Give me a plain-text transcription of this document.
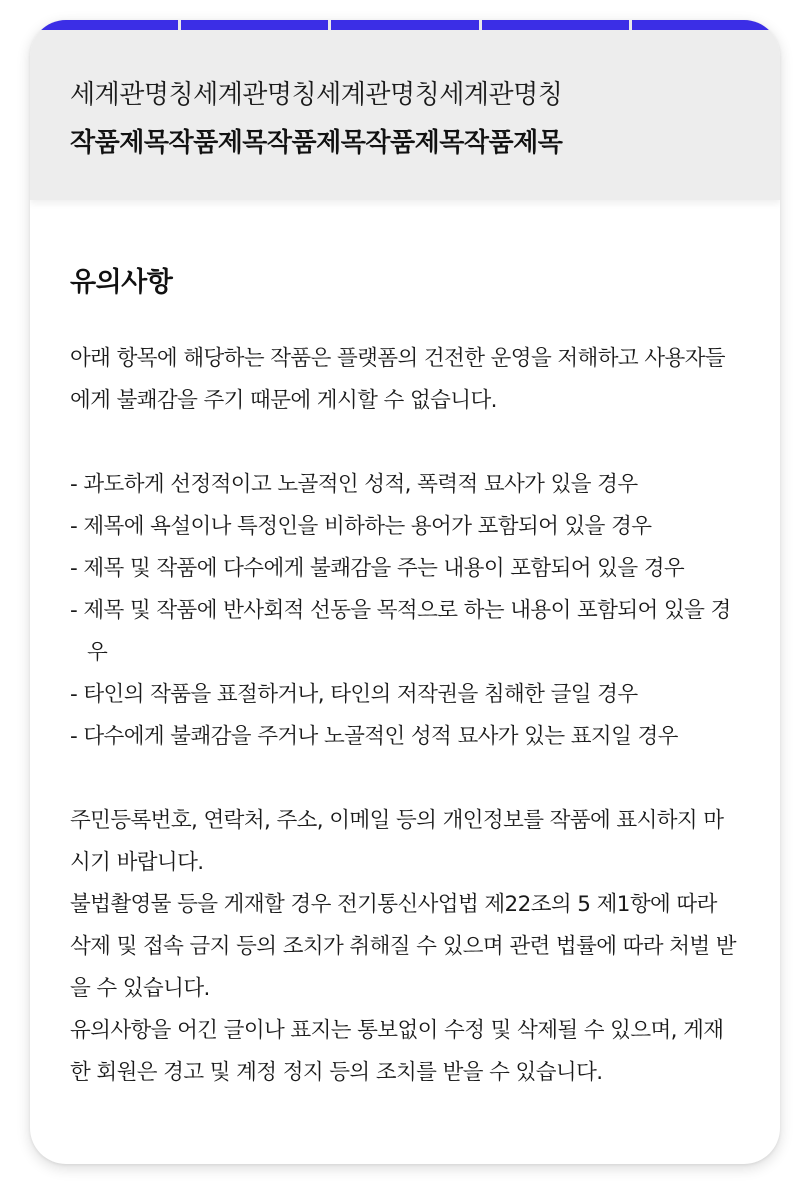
세계관명칭세계관명칭세계관명칭세계관명칭
작품제목작품제목작품제목작품제목작품제목
유의사항

아래 항목에 해당하는 작품은 플랫폼의 건전한 운영을 저해하고 사용자들에게 불쾌감을 주기 때문에 게시할 수 없습니다.

- 과도하게 선정적이고 노골적인 성적, 폭력적 묘사가 있을 경우

- 제목에 욕설이나 특정인을 비하하는 용어가 포함되어 있을 경우

- 제목 및 작품에 다수에게 불쾌감을 주는 내용이 포함되어 있을 경우

- 제목 및 작품에 반사회적 선동을 목적으로 하는 내용이 포함되어 있을 경우

- 타인의 작품을 표절하거나, 타인의 저작권을 침해한 글일 경우

- 다수에게 불쾌감을 주거나 노골적인 성적 묘사가 있는 표지일 경우

주민등록번호, 연락처, 주소, 이메일 등의 개인정보를 작품에 표시하지 마시기 바랍니다.

불법촬영물 등을 게재할 경우 전기통신사업법 제22조의 5 제1항에 따라 삭제 및 접속 금지 등의 조치가 취해질 수 있으며 관련 법률에 따라 처벌 받을 수 있습니다.

유의사항을 어긴 글이나 표지는 통보없이 수정 및 삭제될 수 있으며, 게재한 회원은 경고 및 계정 정지 등의 조치를 받을 수 있습니다.
